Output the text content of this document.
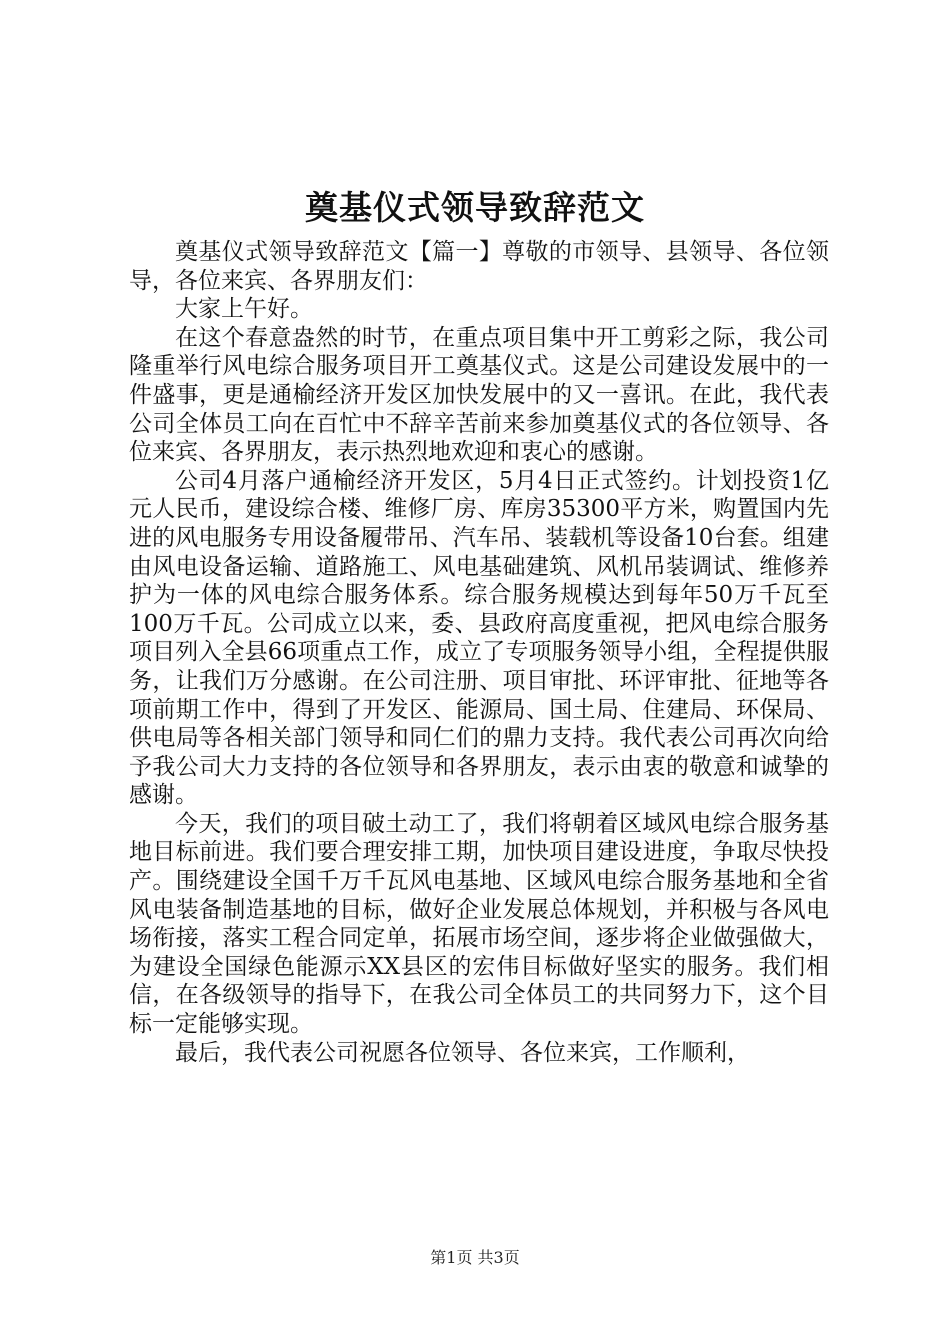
奠基仪式领导致辞范文

奠基仪式领导致辞范文【篇一】尊敬的市领导、县领导、各位领导，各位来宾、各界朋友们：

大家上午好。

在这个春意盎然的时节，在重点项目集中开工剪彩之际，我公司隆重举行风电综合服务项目开工奠基仪式。这是公司建设发展中的一件盛事，更是通榆经济开发区加快发展中的又一喜讯。在此，我代表公司全体员工向在百忙中不辞辛苦前来参加奠基仪式的各位领导、各位来宾、各界朋友，表示热烈地欢迎和衷心的感谢。

公司4月落户通榆经济开发区，5月4日正式签约。计划投资1亿元人民币，建设综合楼、维修厂房、库房35300平方米，购置国内先进的风电服务专用设备履带吊、汽车吊、装载机等设备10台套。组建由风电设备运输、道路施工、风电基础建筑、风机吊装调试、维修养护为一体的风电综合服务体系。综合服务规模达到每年50万千瓦至100万千瓦。公司成立以来，委、县政府高度重视，把风电综合服务项目列入全县66项重点工作，成立了专项服务领导小组，全程提供服务，让我们万分感谢。在公司注册、项目审批、环评审批、征地等各项前期工作中，得到了开发区、能源局、国土局、住建局、环保局、供电局等各相关部门领导和同仁们的鼎力支持。我代表公司再次向给予我公司大力支持的各位领导和各界朋友，表示由衷的敬意和诚挚的感谢。

今天，我们的项目破土动工了，我们将朝着区域风电综合服务基地目标前进。我们要合理安排工期，加快项目建设进度，争取尽快投产。围绕建设全国千万千瓦风电基地、区域风电综合服务基地和全省风电装备制造基地的目标，做好企业发展总体规划，并积极与各风电场衔接，落实工程合同定单，拓展市场空间，逐步将企业做强做大，为建设全国绿色能源示XX县区的宏伟目标做好坚实的服务。我们相信，在各级领导的指导下，在我公司全体员工的共同努力下，这个目标一定能够实现。

最后，我代表公司祝愿各位领导、各位来宾，工作顺利，

第1页 共3页
